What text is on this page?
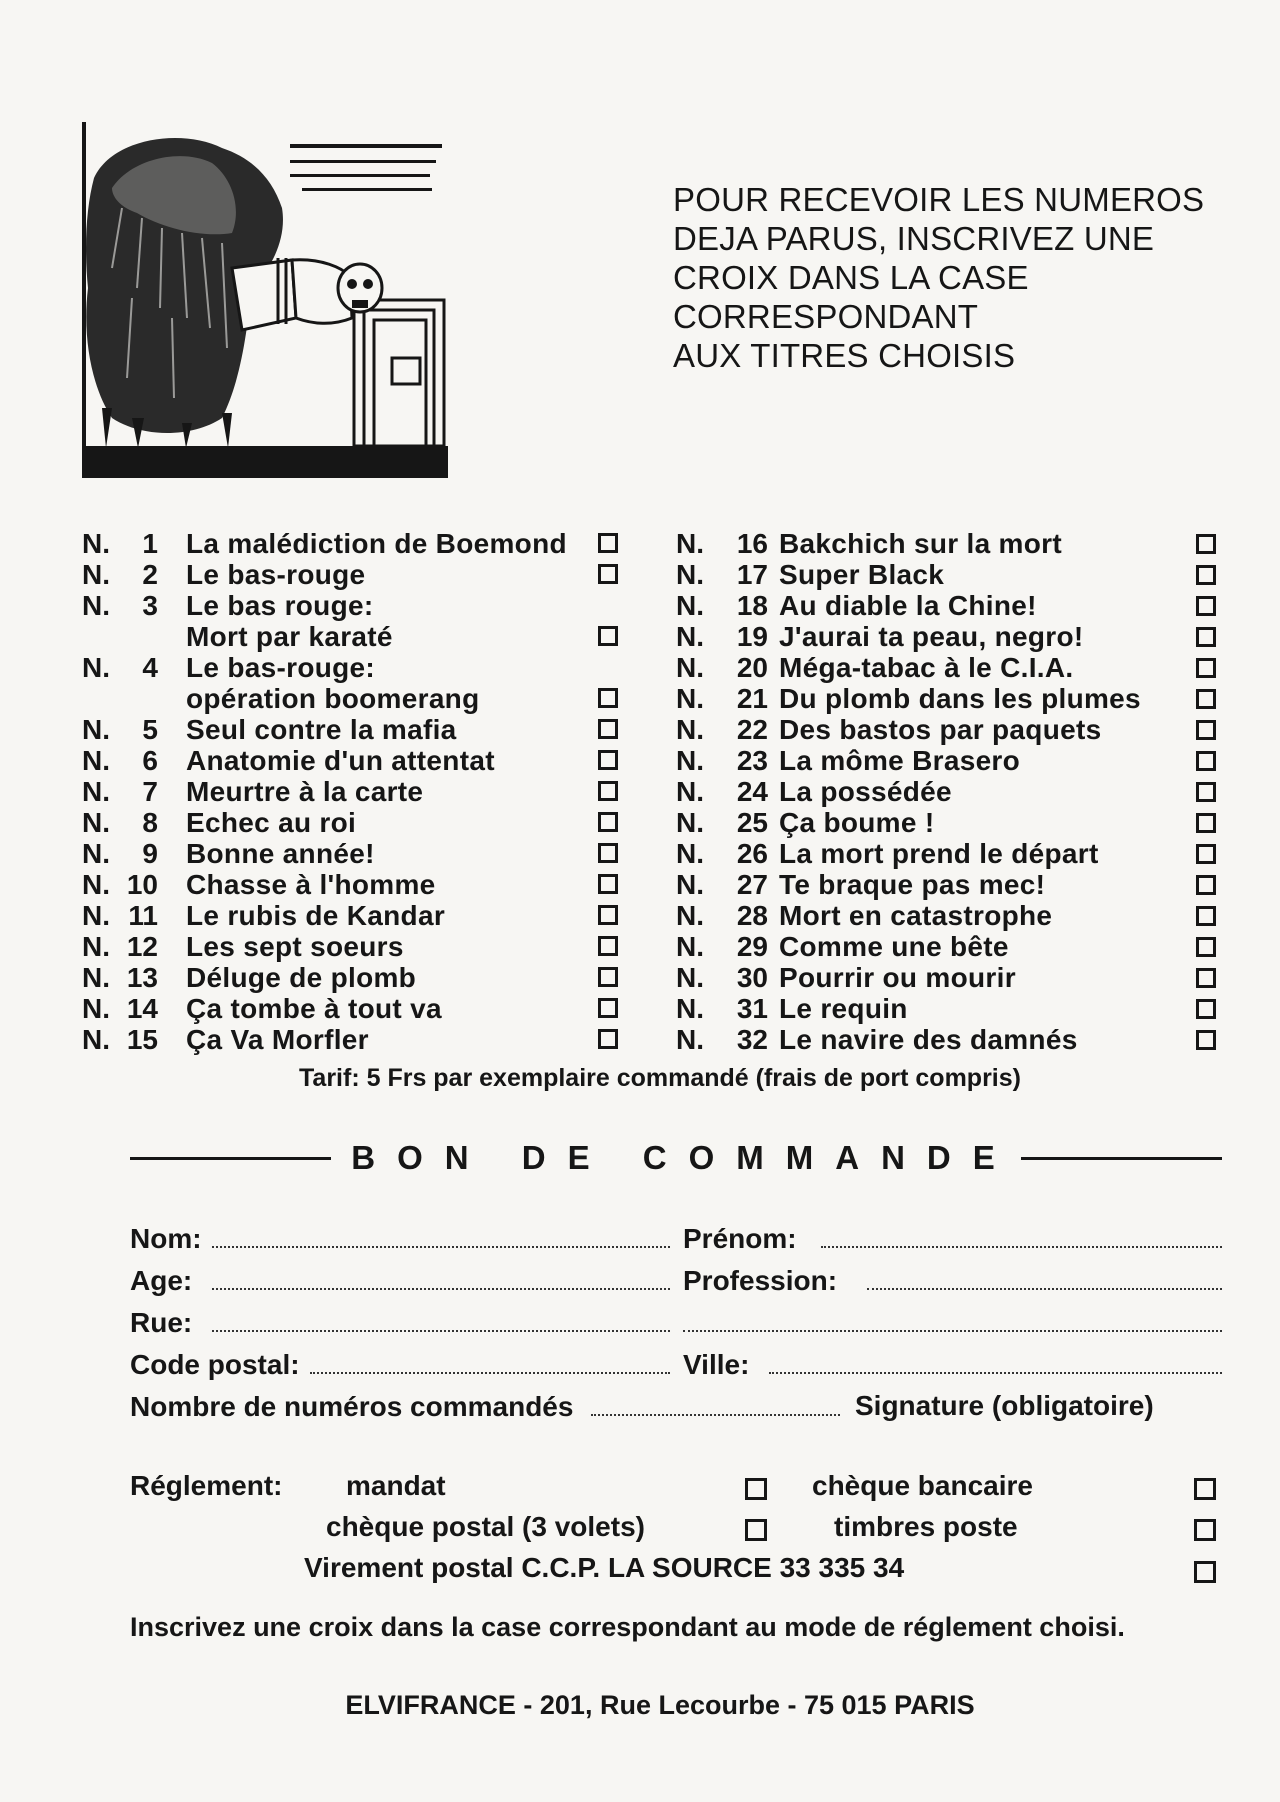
POUR RECEVOIR LES NUMEROS
DEJA PARUS, INSCRIVEZ UNE
CROIX DANS LA CASE
CORRESPONDANT
AUX TITRES CHOISIS
N. 1 La malédiction de Boemond
N. 2 Le bas-rouge
N. 3 Le bas rouge:
Mort par karaté
N. 4 Le bas-rouge:
opération boomerang
N. 5 Seul contre la mafia
N. 6 Anatomie d'un attentat
N. 7 Meurtre à la carte
N. 8 Echec au roi
N. 9 Bonne année!
N. 10 Chasse à l'homme
N. 11 Le rubis de Kandar
N. 12 Les sept soeurs
N. 13 Déluge de plomb
N. 14 Ça tombe à tout va
N. 15 Ça Va Morfler
N. 16 Bakchich sur la mort
N. 17 Super Black
N. 18 Au diable la Chine!
N. 19 J'aurai ta peau, negro!
N. 20 Méga-tabac à le C.I.A.
N. 21 Du plomb dans les plumes
N. 22 Des bastos par paquets
N. 23 La môme Brasero
N. 24 La possédée
N. 25 Ça boume !
N. 26 La mort prend le départ
N. 27 Te braque pas mec!
N. 28 Mort en catastrophe
N. 29 Comme une bête
N. 30 Pourrir ou mourir
N. 31 Le requin
N. 32 Le navire des damnés
Tarif: 5 Frs par exemplaire commandé (frais de port compris)
BON DE COMMANDE
Nom:	Prénom:
Age:	Profession:
Rue:
Code postal:	Ville:
Nombre de numéros commandés	Signature (obligatoire)
Réglement: mandat	chèque bancaire
chèque postal (3 volets)	timbres poste
Virement postal C.C.P. LA SOURCE 33 335 34
Inscrivez une croix dans la case correspondant au mode de réglement choisi.
ELVIFRANCE - 201, Rue Lecourbe - 75 015 PARIS
